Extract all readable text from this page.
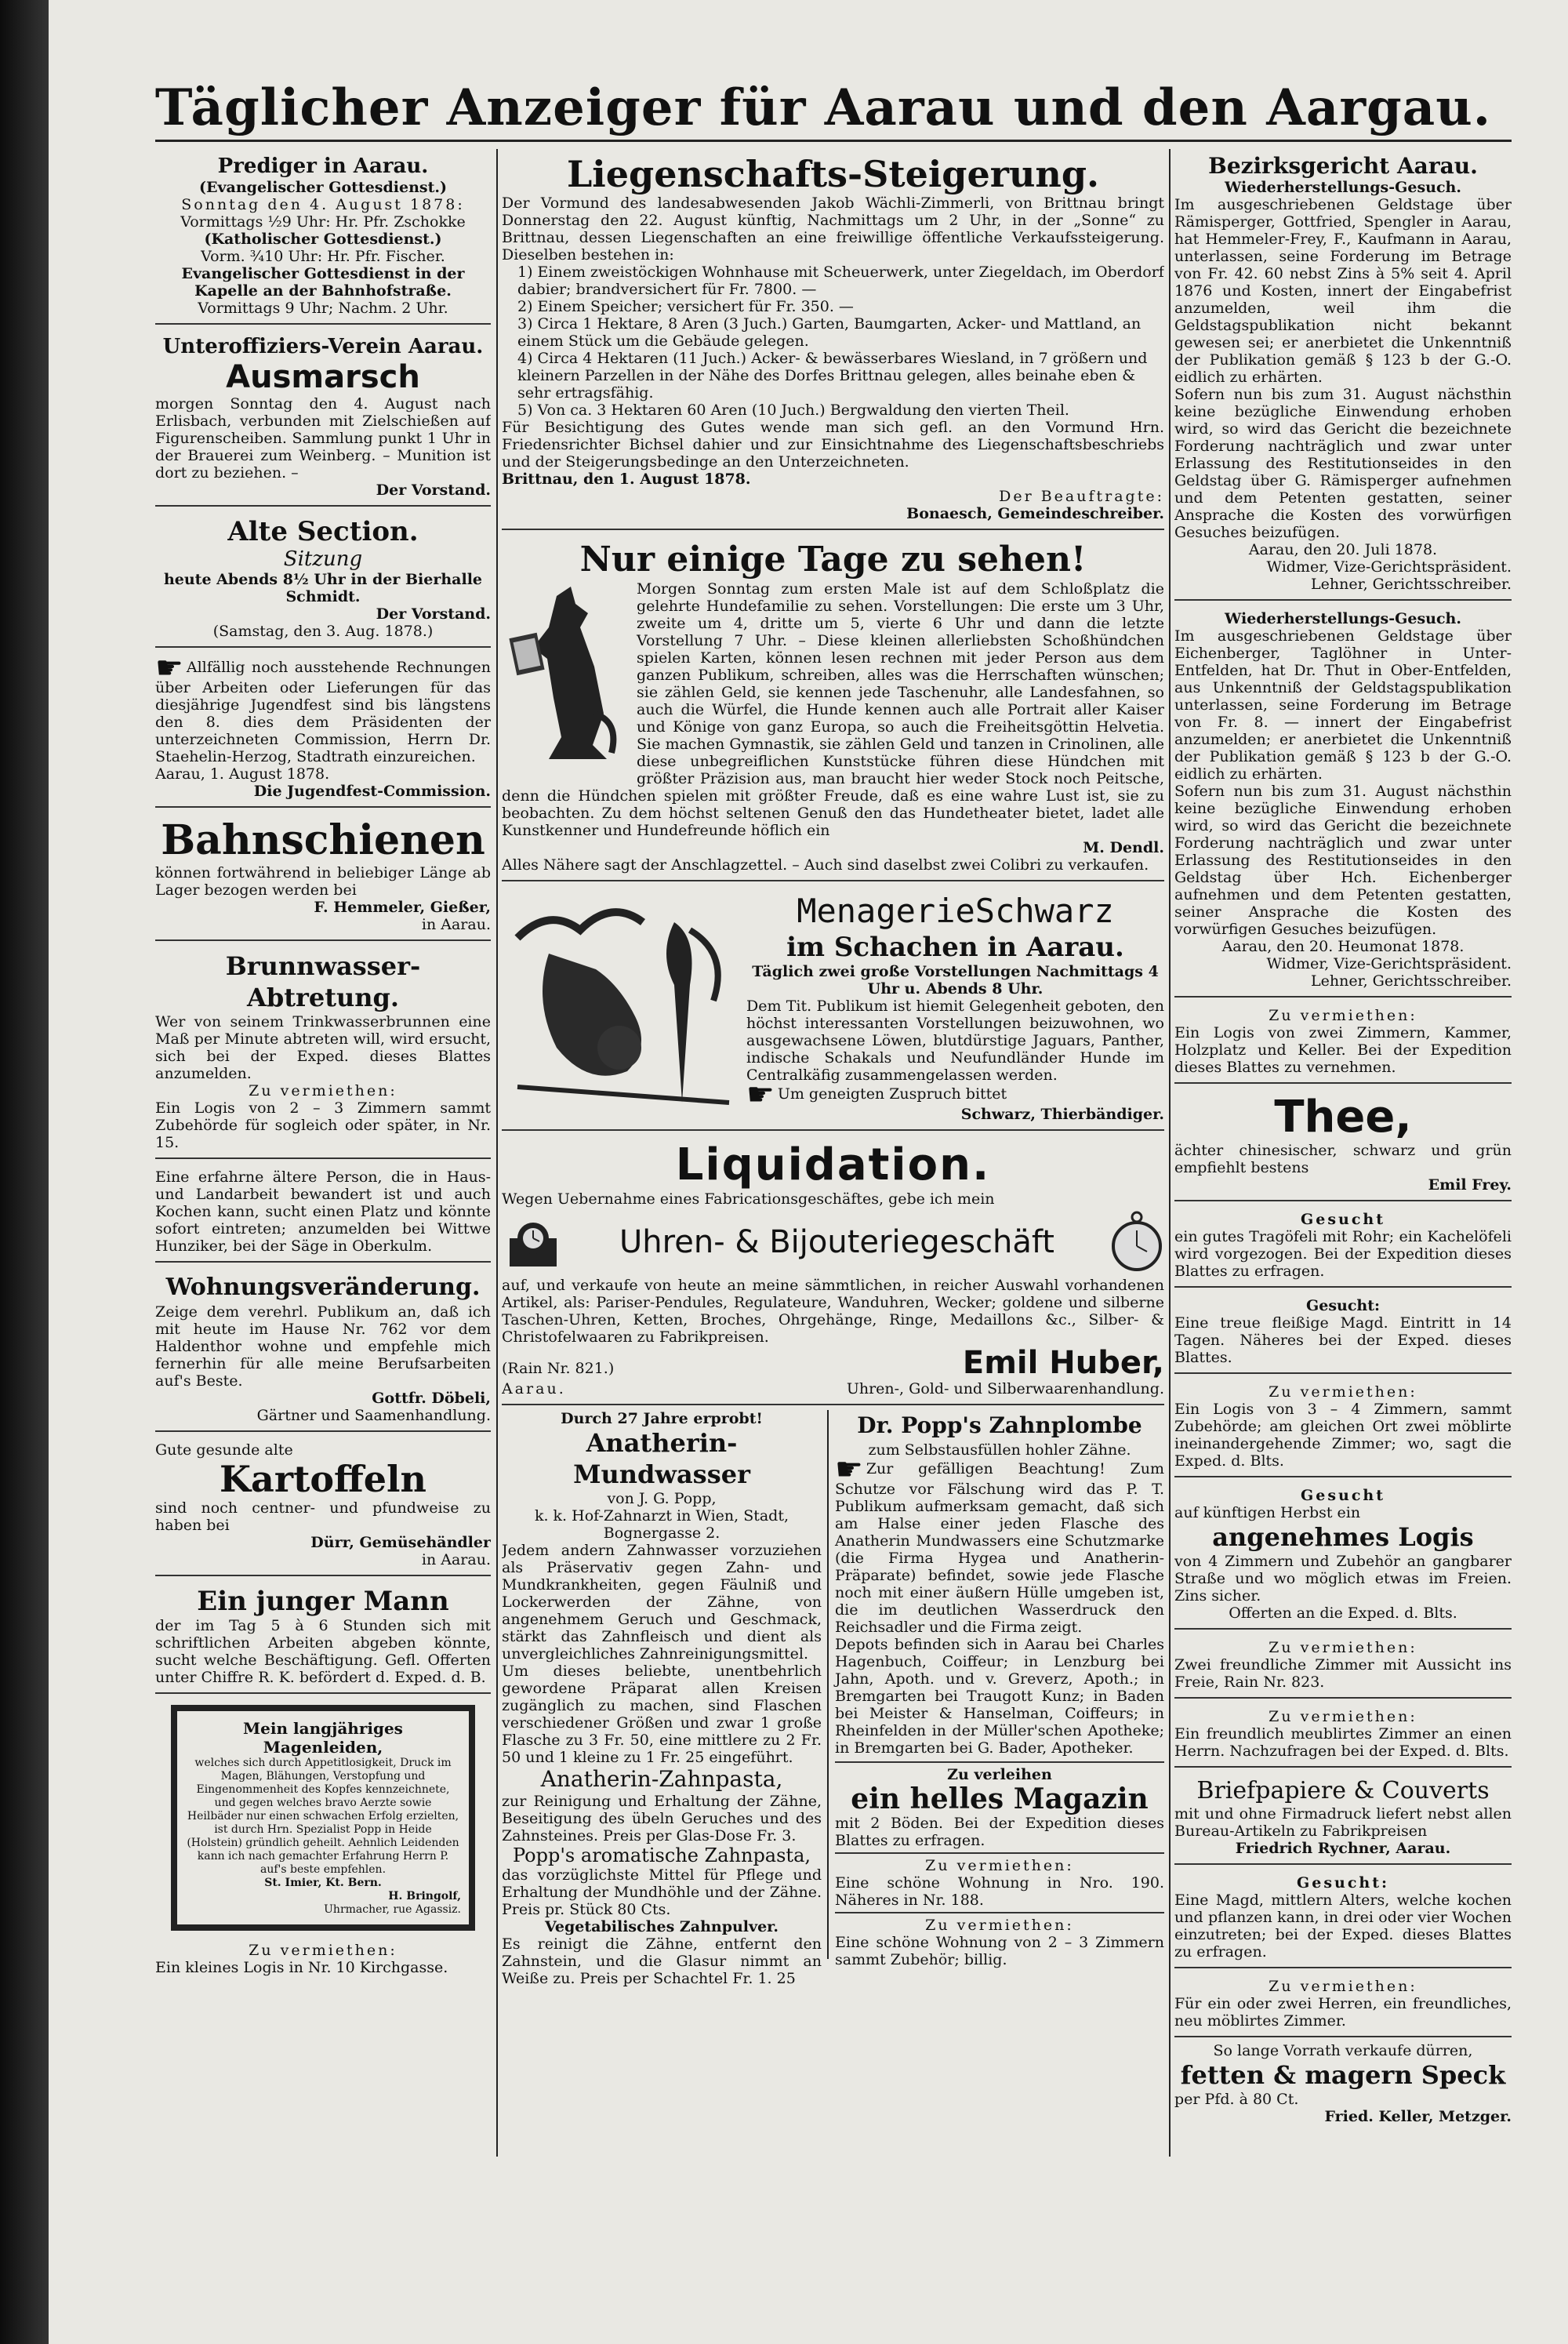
Täglicher Anzeiger für Aarau und den Aargau.
Prediger in Aarau.
(Evangelischer Gottesdienst.)
Sonntag den 4. August 1878:
Vormittags ½9 Uhr: Hr. Pfr. Zschokke
(Katholischer Gottesdienst.)
Vorm. ¾10 Uhr: Hr. Pfr. Fischer.
Evangelischer Gottesdienst in der Kapelle an der Bahnhofstraße.
Vormittags 9 Uhr; Nachm. 2 Uhr.
Unteroffiziers-Verein Aarau.
Ausmarsch

morgen Sonntag den 4. August nach Erlisbach, verbunden mit Zielschießen auf Figurenscheiben. Sammlung punkt 1 Uhr in der Brauerei zum Weinberg. – Munition ist dort zu beziehen. –

Der Vorstand.
Alte Section.
Sitzung
heute Abends 8½ Uhr in der Bierhalle Schmidt.
Der Vorstand.
(Samstag, den 3. Aug. 1878.)

☛ Allfällig noch ausstehende Rechnungen über Arbeiten oder Lieferungen für das diesjährige Jugendfest sind bis längstens den 8. dies dem Präsidenten der unterzeichneten Commission, Herrn Dr. Staehelin-Herzog, Stadtrath einzureichen.

Aarau, 1. August 1878.
Die Jugendfest-Commission.
Bahnschienen

können fortwährend in beliebiger Länge ab Lager bezogen werden bei

F. Hemmeler, Gießer,
in Aarau.
Brunnwasser-Abtretung.

Wer von seinem Trinkwasserbrunnen eine Maß per Minute abtreten will, wird ersucht, sich bei der Exped. dieses Blattes anzumelden.

Zu vermiethen:

Ein Logis von 2 – 3 Zimmern sammt Zubehörde für sogleich oder später, in Nr. 15.

Eine erfahrne ältere Person, die in Haus- und Landarbeit bewandert ist und auch Kochen kann, sucht einen Platz und könnte sofort eintreten; anzumelden bei Wittwe Hunziker, bei der Säge in Oberkulm.

Wohnungsveränderung.

Zeige dem verehrl. Publikum an, daß ich mit heute im Hause Nr. 762 vor dem Haldenthor wohne und empfehle mich fernerhin für alle meine Berufsarbeiten auf's Beste.

Gottfr. Döbeli,
Gärtner und Saamenhandlung.
Gute gesunde alte
Kartoffeln

sind noch centner- und pfundweise zu haben bei

Dürr, Gemüsehändler
in Aarau.
Ein junger Mann

der im Tag 5 à 6 Stunden sich mit schriftlichen Arbeiten abgeben könnte, sucht welche Beschäftigung. Gefl. Offerten unter Chiffre R. K. befördert d. Exped. d. B.

Mein langjähriges Magenleiden,
welches sich durch Appetitlosigkeit, Druck im Magen, Blähungen, Verstopfung und Eingenommenheit des Kopfes kennzeichnete, und gegen welches bravo Aerzte sowie Heilbäder nur einen schwachen Erfolg erzielten, ist durch Hrn. Spezialist Popp in Heide (Holstein) gründlich geheilt. Aehnlich Leidenden kann ich nach gemachter Erfahrung Herrn P. auf's beste empfehlen.
St. Imier, Kt. Bern.
H. Bringolf,
Uhrmacher, rue Agassiz.
Zu vermiethen:

Ein kleines Logis in Nr. 10 Kirchgasse.

Liegenschafts-Steigerung.

Der Vormund des landesabwesenden Jakob Wächli-Zimmerli, von Brittnau bringt Donnerstag den 22. August künftig, Nachmittags um 2 Uhr, in der „Sonne“ zu Brittnau, dessen Liegenschaften an eine freiwillige öffentliche Verkaufssteigerung. Dieselben bestehen in:

1) Einem zweistöckigen Wohnhause mit Scheuerwerk, unter Ziegeldach, im Oberdorf dabier; brandversichert für Fr. 7800. —
2) Einem Speicher; versichert für Fr. 350. —
3) Circa 1 Hektare, 8 Aren (3 Juch.) Garten, Baumgarten, Acker- und Mattland, an einem Stück um die Gebäude gelegen.
4) Circa 4 Hektaren (11 Juch.) Acker- & bewässerbares Wiesland, in 7 größern und kleinern Parzellen in der Nähe des Dorfes Brittnau gelegen, alles beinahe eben & sehr ertragsfähig.
5) Von ca. 3 Hektaren 60 Aren (10 Juch.) Bergwaldung den vierten Theil.

Für Besichtigung des Gutes wende man sich gefl. an den Vormund Hrn. Friedensrichter Bichsel dahier und zur Einsichtnahme des Liegenschaftsbeschriebs und der Steigerungsbedinge an den Unterzeichneten.

Brittnau, den 1. August 1878.
Der Beauftragte:
Bonaesch, Gemeindeschreiber.
Nur einige Tage zu sehen!

Morgen Sonntag zum ersten Male ist auf dem Schloßplatz die gelehrte Hundefamilie zu sehen. Vorstellungen: Die erste um 3 Uhr, zweite um 4, dritte um 5, vierte 6 Uhr und dann die letzte Vorstellung 7 Uhr. – Diese kleinen allerliebsten Schoßhündchen spielen Karten, können lesen rechnen mit jeder Person aus dem ganzen Publikum, schreiben, alles was die Herrschaften wünschen; sie zählen Geld, sie kennen jede Taschenuhr, alle Landesfahnen, so auch die Würfel, die Hunde kennen auch alle Portrait aller Kaiser und Könige von ganz Europa, so auch die Freiheitsgöttin Helvetia. Sie machen Gymnastik, sie zählen Geld und tanzen in Crinolinen, alle diese unbegreiflichen Kunststücke führen diese Hündchen mit größter Präzision aus, man braucht hier weder Stock noch Peitsche, denn die Hündchen spielen mit größter Freude, daß es eine wahre Lust ist, sie zu beobachten. Zu dem höchst seltenen Genuß den das Hundetheater bietet, ladet alle Kunstkenner und Hundefreunde höflich ein

M. Dendl.

Alles Nähere sagt der Anschlagzettel. – Auch sind daselbst zwei Colibri zu verkaufen.

MenagerieSchwarz
im Schachen in Aarau.
Täglich zwei große Vorstellungen Nachmittags 4 Uhr u. Abends 8 Uhr.

Dem Tit. Publikum ist hiemit Gelegenheit geboten, den höchst interessanten Vorstellungen beizuwohnen, wo ausgewachsene Löwen, blutdürstige Jaguars, Panther, indische Schakals und Neufundländer Hunde im Centralkäfig zusammengelassen werden.

☛ Um geneigten Zuspruch bittet
Schwarz, Thierbändiger.
Liquidation.
Wegen Uebernahme eines Fabricationsgeschäftes, gebe ich mein
Uhren- & Bijouteriegeschäft

auf, und verkaufe von heute an meine sämmtlichen, in reicher Auswahl vorhandenen Artikel, als: Pariser-Pendules, Regulateure, Wanduhren, Wecker; goldene und silberne Taschen-Uhren, Ketten, Broches, Ohrgehänge, Ringe, Medaillons &c., Silber- & Christofelwaaren zu Fabrikpreisen.

(Rain Nr. 821.)	Emil Huber,
Aarau.	Uhren-, Gold- und Silberwaarenhandlung.
Durch 27 Jahre erprobt!
Anatherin-Mundwasser
von J. G. Popp,
k. k. Hof-Zahnarzt in Wien, Stadt, Bognergasse 2.

Jedem andern Zahnwasser vorzuziehen als Präservativ gegen Zahn- und Mundkrankheiten, gegen Fäulniß und Lockerwerden der Zähne, von angenehmem Geruch und Geschmack, stärkt das Zahnfleisch und dient als unvergleichliches Zahnreinigungsmittel.

Um dieses beliebte, unentbehrlich gewordene Präparat allen Kreisen zugänglich zu machen, sind Flaschen verschiedener Größen und zwar 1 große Flasche zu 3 Fr. 50, eine mittlere zu 2 Fr. 50 und 1 kleine zu 1 Fr. 25 eingeführt.

Anatherin-Zahnpasta,

zur Reinigung und Erhaltung der Zähne, Beseitigung des übeln Geruches und des Zahnsteines. Preis per Glas-Dose Fr. 3.

Popp's aromatische Zahnpasta,

das vorzüglichste Mittel für Pflege und Erhaltung der Mundhöhle und der Zähne. Preis pr. Stück 80 Cts.

Vegetabilisches Zahnpulver.

Es reinigt die Zähne, entfernt den Zahnstein, und die Glasur nimmt an Weiße zu. Preis per Schachtel Fr. 1. 25

Dr. Popp's Zahnplombe
zum Selbstausfüllen hohler Zähne.

☛ Zur gefälligen Beachtung! Zum Schutze vor Fälschung wird das P. T. Publikum aufmerksam gemacht, daß sich am Halse einer jeden Flasche des Anatherin Mundwassers eine Schutzmarke (die Firma Hygea und Anatherin-Präparate) befindet, sowie jede Flasche noch mit einer äußern Hülle umgeben ist, die im deutlichen Wasserdruck den Reichsadler und die Firma zeigt.

Depots befinden sich in Aarau bei Charles Hagenbuch, Coiffeur; in Lenzburg bei Jahn, Apoth. und v. Greverz, Apoth.; in Bremgarten bei Traugott Kunz; in Baden bei Meister & Hanselman, Coiffeurs; in Rheinfelden in der Müller'schen Apotheke; in Bremgarten bei G. Bader, Apotheker.

Zu verleihen
ein helles Magazin

mit 2 Böden. Bei der Expedition dieses Blattes zu erfragen.

Zu vermiethen:

Eine schöne Wohnung in Nro. 190. Näheres in Nr. 188.

Zu vermiethen:

Eine schöne Wohnung von 2 – 3 Zimmern sammt Zubehör; billig.

Bezirksgericht Aarau.
Wiederherstellungs-Gesuch.

Im ausgeschriebenen Geldstage über Rämisperger, Gottfried, Spengler in Aarau, hat Hemmeler-Frey, F., Kaufmann in Aarau, unterlassen, seine Forderung im Betrage von Fr. 42. 60 nebst Zins à 5% seit 4. April 1876 und Kosten, innert der Eingabefrist anzumelden, weil ihm die Geldstagspublikation nicht bekannt gewesen sei; er anerbietet die Unkenntniß der Publikation gemäß § 123 b der G.-O. eidlich zu erhärten.

Sofern nun bis zum 31. August nächsthin keine bezügliche Einwendung erhoben wird, so wird das Gericht die bezeichnete Forderung nachträglich und zwar unter Erlassung des Restitutionseides in den Geldstag über G. Rämisperger aufnehmen und dem Petenten gestatten, seiner Ansprache die Kosten des vorwürfigen Gesuches beizufügen.

Aarau, den 20. Juli 1878.
Widmer, Vize-Gerichtspräsident.
Lehner, Gerichtsschreiber.
Wiederherstellungs-Gesuch.

Im ausgeschriebenen Geldstage über Eichenberger, Taglöhner in Unter-Entfelden, hat Dr. Thut in Ober-Entfelden, aus Unkenntniß der Geldstagspublikation unterlassen, seine Forderung im Betrage von Fr. 8. — innert der Eingabefrist anzumelden; er anerbietet die Unkenntniß der Publikation gemäß § 123 b der G.-O. eidlich zu erhärten.

Sofern nun bis zum 31. August nächsthin keine bezügliche Einwendung erhoben wird, so wird das Gericht die bezeichnete Forderung nachträglich und zwar unter Erlassung des Restitutionseides in den Geldstag über Hch. Eichenberger aufnehmen und dem Petenten gestatten, seiner Ansprache die Kosten des vorwürfigen Gesuches beizufügen.

Aarau, den 20. Heumonat 1878.
Widmer, Vize-Gerichtspräsident.
Lehner, Gerichtsschreiber.
Zu vermiethen:

Ein Logis von zwei Zimmern, Kammer, Holzplatz und Keller. Bei der Expedition dieses Blattes zu vernehmen.

Thee,

ächter chinesischer, schwarz und grün empfiehlt bestens

Emil Frey.
Gesucht

ein gutes Tragöfeli mit Rohr; ein Kachelöfeli wird vorgezogen. Bei der Expedition dieses Blattes zu erfragen.

Gesucht:

Eine treue fleißige Magd. Eintritt in 14 Tagen. Näheres bei der Exped. dieses Blattes.

Zu vermiethen:

Ein Logis von 3 – 4 Zimmern, sammt Zubehörde; am gleichen Ort zwei möblirte ineinandergehende Zimmer; wo, sagt die Exped. d. Blts.

Gesucht
auf künftigen Herbst ein
angenehmes Logis

von 4 Zimmern und Zubehör an gangbarer Straße und wo möglich etwas im Freien. Zins sicher.

Offerten an die Exped. d. Blts.
Zu vermiethen:

Zwei freundliche Zimmer mit Aussicht ins Freie, Rain Nr. 823.

Zu vermiethen:

Ein freundlich meublirtes Zimmer an einen Herrn. Nachzufragen bei der Exped. d. Blts.

Briefpapiere & Couverts

mit und ohne Firmadruck liefert nebst allen Bureau-Artikeln zu Fabrikpreisen

Friedrich Rychner, Aarau.
Gesucht:

Eine Magd, mittlern Alters, welche kochen und pflanzen kann, in drei oder vier Wochen einzutreten; bei der Exped. dieses Blattes zu erfragen.

Zu vermiethen:

Für ein oder zwei Herren, ein freundliches, neu möblirtes Zimmer.

So lange Vorrath verkaufe dürren,
fetten & magern Speck
per Pfd. à 80 Ct.
Fried. Keller, Metzger.
